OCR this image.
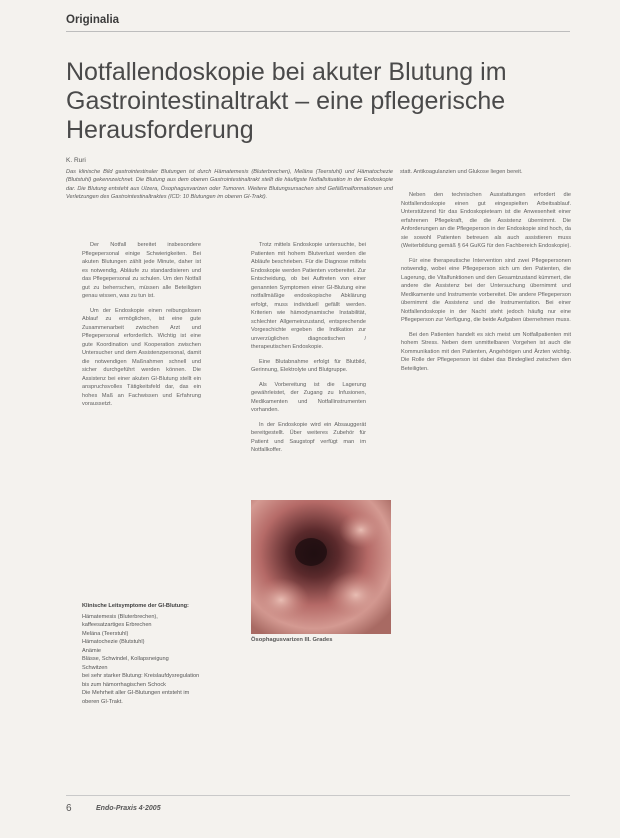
Originalia
Notfallendoskopie bei akuter Blutung im Gastrointestinaltrakt – eine pflegerische Herausforderung
K. Ruri
Das klinische Bild gastrointestinaler Blutungen ist durch Hämatemesis (Bluterbrechen), Meläna (Teerstuhl) und Hämatochezie (Blutstuhl) gekennzeichnet. Die Blutung aus dem oberen Gastrointestinaltrakt stellt die häufigste Notfallsituation in der Endoskopie dar. Die Blutung entsteht aus Ulzera, Ösophagusvarizen oder Tumoren. Weitere Blutungsursachen sind Gefäßmalformationen und Verletzungen des Gastrointestinaltraktes (ICD: 10 Blutungen im oberen GI-Trakt).

Der Notfall bereitet insbesondere Pflegepersonal einige Schwierigkeiten. Bei akuten Blutungen zählt jede Minute, daher ist es notwendig, Abläufe zu standardisieren und das Pflegepersonal zu schulen. Um den Notfall gut zu beherrschen, müssen alle Beteiligten genau wissen, was zu tun ist.

Um der Endoskopie einen reibungslosen Ablauf zu ermöglichen, ist eine gute Zusammenarbeit zwischen Arzt und Pflegepersonal erforderlich. Wichtig ist eine gute Koordination und Kooperation zwischen Untersucher und dem Assistenzpersonal, damit die notwendigen Maßnahmen schnell und sicher durchgeführt werden können. Die Assistenz bei einer akuten GI-Blutung stellt ein anspruchsvolles Tätigkeitsfeld dar, das ein hohes Maß an Fachwissen und Erfahrung voraussetzt.

Klinische Leitsymptome der GI-Blutung:
Hämatemesis (Bluterbrechen),
kaffeesatzartiges Erbrechen
Meläna (Teerstuhl)
Hämatochezie (Blutstuhl)
Anämie
Blässe, Schwindel, Kollapsneigung
Schwitzen
bei sehr starker Blutung: Kreislaufdysregulation bis zum hämorrhagischen Schock
Die Mehrheit aller GI-Blutungen entsteht im oberen GI-Trakt.

Trotz mittels Endoskopie untersuchte, bei Patienten mit hohem Blutverlust werden die Abläufe beschrieben. Für die Diagnose mittels Endoskopie werden Patienten vorbereitet. Zur Entscheidung, ob bei Auftreten von einer genannten Symptomen einer GI-Blutung eine notfallmäßige endoskopische Abklärung erfolgt, muss individuell gefällt werden. Kriterien wie hämodynamische Instabilität, schlechter Allgemeinzustand, entsprechende Vorgeschichte ergeben die Indikation zur unverzüglichen diagnostischen / therapeutischen Endoskopie.

Eine Blutabnahme erfolgt für Blutbild, Gerinnung, Elektrolyte und Blutgruppe.

Als Vorbereitung ist die Lagerung gewährleistet, der Zugang zu Infusionen, Medikamenten und Notfallinstrumenten vorhanden.

In der Endoskopie wird ein Absauggerät bereitgestellt. Über weiteres Zubehör für Patient und Saugstopf verfügt man im Notfallkoffer.

Ösophagusvarizen III. Grades
statt. Antikoagulanzien und Glukose liegen bereit.

Neben den technischen Ausstattungen erfordert die Notfallendoskopie einen gut eingespielten Arbeitsablauf. Unterstützend für das Endoskopieteam ist die Anwesenheit einer erfahrenen Pflegekraft, die die Assistenz übernimmt. Die Anforderungen an die Pflegeperson in der Endoskopie sind hoch, da sie sowohl Patienten betreuen als auch assistieren muss (Weiterbildung gemäß § 64 GuKG für den Fachbereich Endoskopie).

Für eine therapeutische Intervention sind zwei Pflegepersonen notwendig, wobei eine Pflegeperson sich um den Patienten, die Lagerung, die Vitalfunktionen und den Gesamtzustand kümmert, die andere die Assistenz bei der Untersuchung übernimmt und Medikamente und Instrumente vorbereitet. Die andere Pflegeperson übernimmt die Assistenz und die Instrumentation. Bei einer Notfallendoskopie in der Nacht steht jedoch häufig nur eine Pflegeperson zur Verfügung, die beide Aufgaben übernehmen muss.

Bei den Patienten handelt es sich meist um Notfallpatienten mit hohem Stress. Neben dem unmittelbaren Vorgehen ist auch die Kommunikation mit den Patienten, Angehörigen und Ärzten wichtig. Die Rolle der Pflegeperson ist dabei das Bindeglied zwischen den Beteiligten.

6	Endo-Praxis 4·2005
